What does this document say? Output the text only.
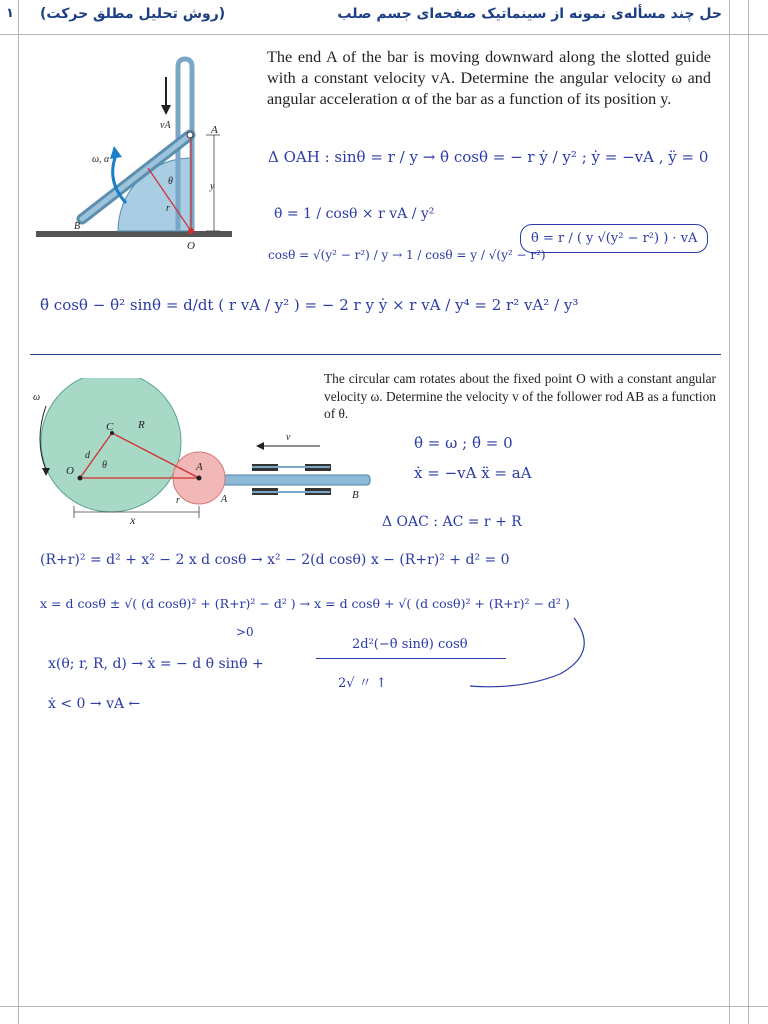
حل چند مسأله‌ی نمونه از سینماتیک صفحه‌ای جسم صلب
(روش تحلیل مطلق حرکت)
۱
vA	A
ω, α
θ
r
y
B
O
The end A of the bar is moving downward along the slotted guide with a constant velocity vA. Determine the angular velocity ω and angular acceleration α of the bar as a function of its position y.
Δ OAH : sinθ = r / y → θ̇ cosθ = − r ẏ / y² ; ẏ = −vA , ÿ = 0
θ̇ = 1 / cosθ × r vA / y²
cosθ = √(y² − r²) / y → 1 / cosθ = y / √(y² − r²)
θ̇ = r / ( y √(y² − r²) ) · vA
θ̈ cosθ − θ̇² sinθ = d/dt ( r vA / y² ) = − 2 r y ẏ × r vA / y⁴ = 2 r² vA² / y³
ω
C R
d
θ
O	A
A
r
v
B
x
The circular cam rotates about the fixed point O with a constant angular velocity ω. Determine the velocity v of the follower rod AB as a function of θ.
θ̇ = ω ; θ̈ = 0
ẋ = −vA ẍ = aA
Δ OAC : AC = r + R
(R+r)² = d² + x² − 2 x d cosθ → x² − 2(d cosθ) x − (R+r)² + d² = 0
x = d cosθ ± √( (d cosθ)² + (R+r)² − d² ) → x = d cosθ + √( (d cosθ)² + (R+r)² − d² )
>0
x(θ; r, R, d) → ẋ = − d θ̇ sinθ +
2d²(−θ̇ sinθ) cosθ
2√ 〃 ↑
ẋ < 0 → vA ←
